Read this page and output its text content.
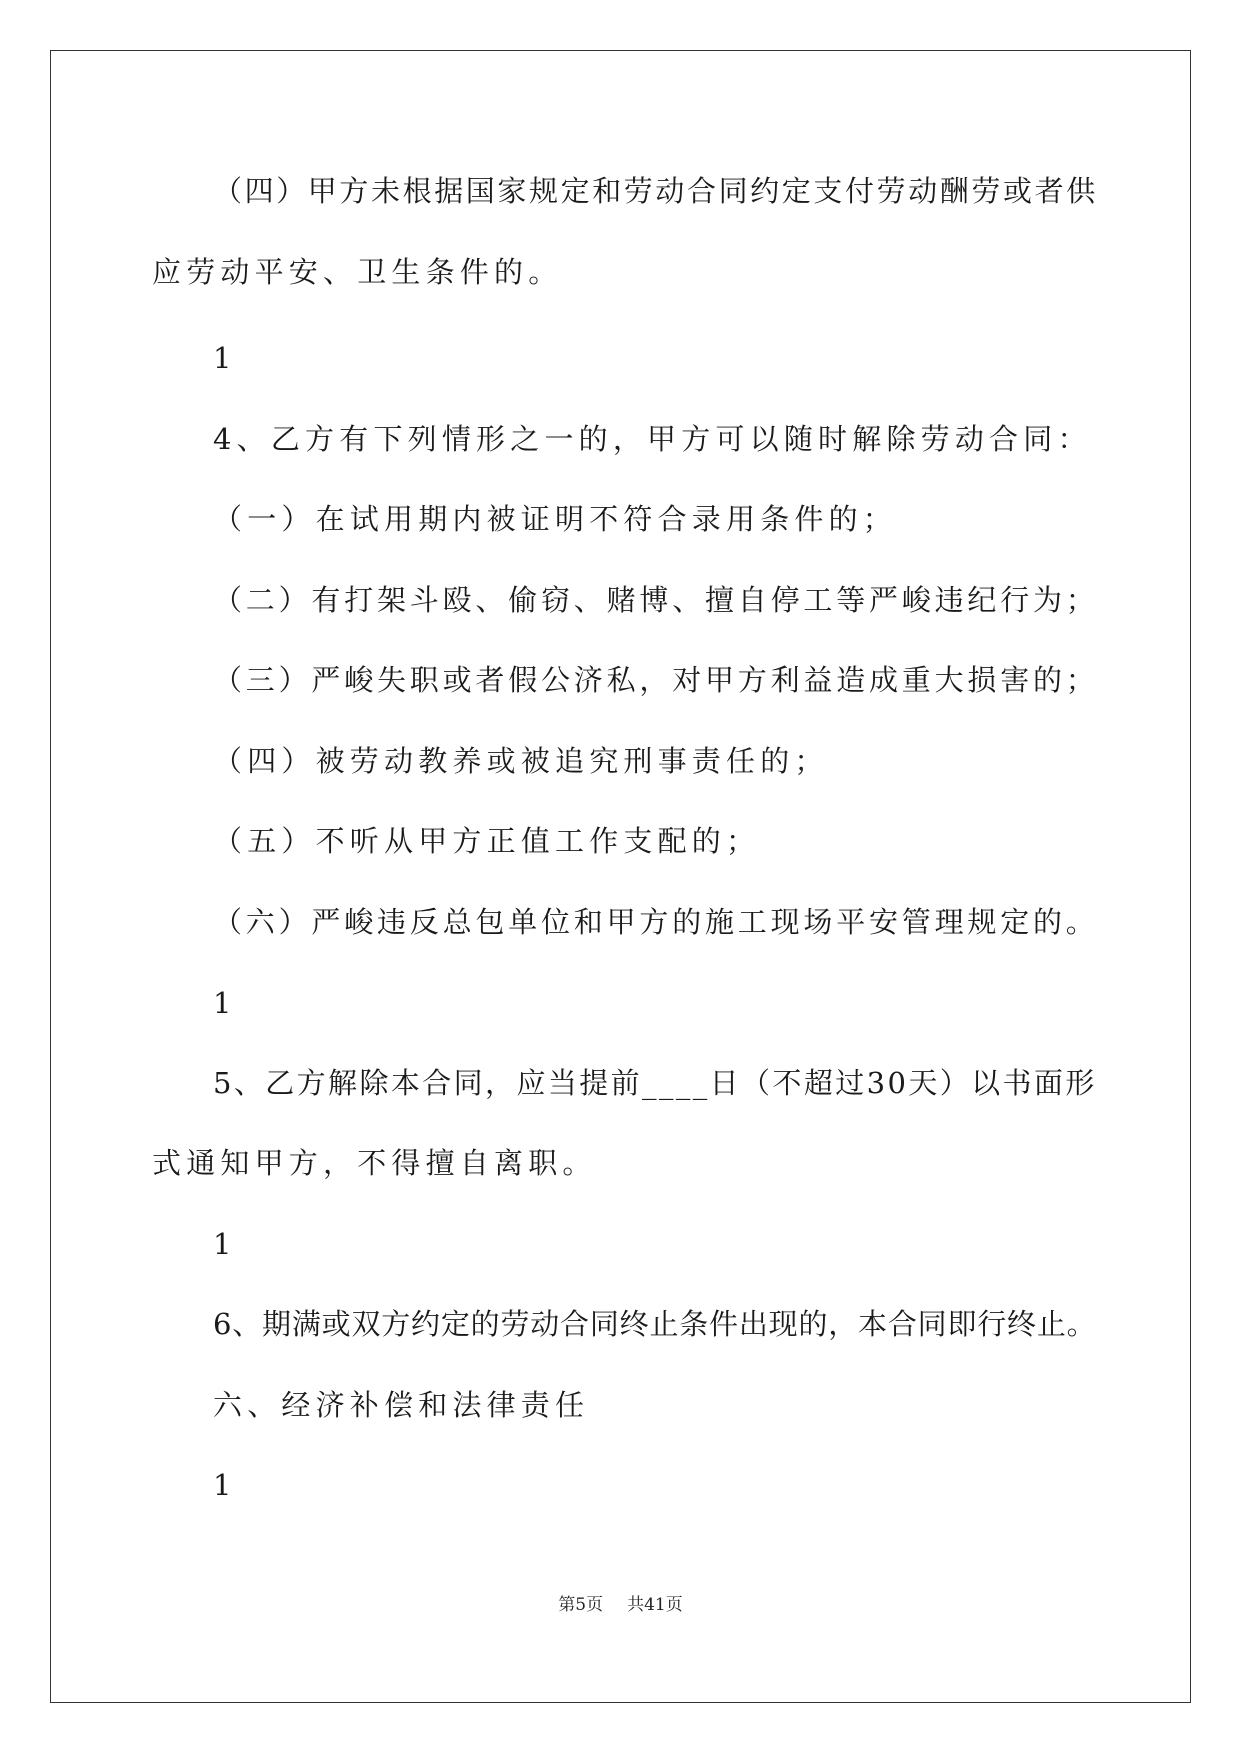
（四）甲方未根据国家规定和劳动合同约定支付劳动酬劳或者供

应劳动平安、卫生条件的。

1

4、乙方有下列情形之一的，甲方可以随时解除劳动合同：

（一）在试用期内被证明不符合录用条件的；

（二）有打架斗殴、偷窃、赌博、擅自停工等严峻违纪行为；

（三）严峻失职或者假公济私，对甲方利益造成重大损害的；

（四）被劳动教养或被追究刑事责任的；

（五）不听从甲方正值工作支配的；

（六）严峻违反总包单位和甲方的施工现场平安管理规定的。

1

5、乙方解除本合同，应当提前____日（不超过30天）以书面形

式通知甲方，不得擅自离职。

1

6、期满或双方约定的劳动合同终止条件出现的，本合同即行终止。

六、经济补偿和法律责任

1

第5页 共41页
